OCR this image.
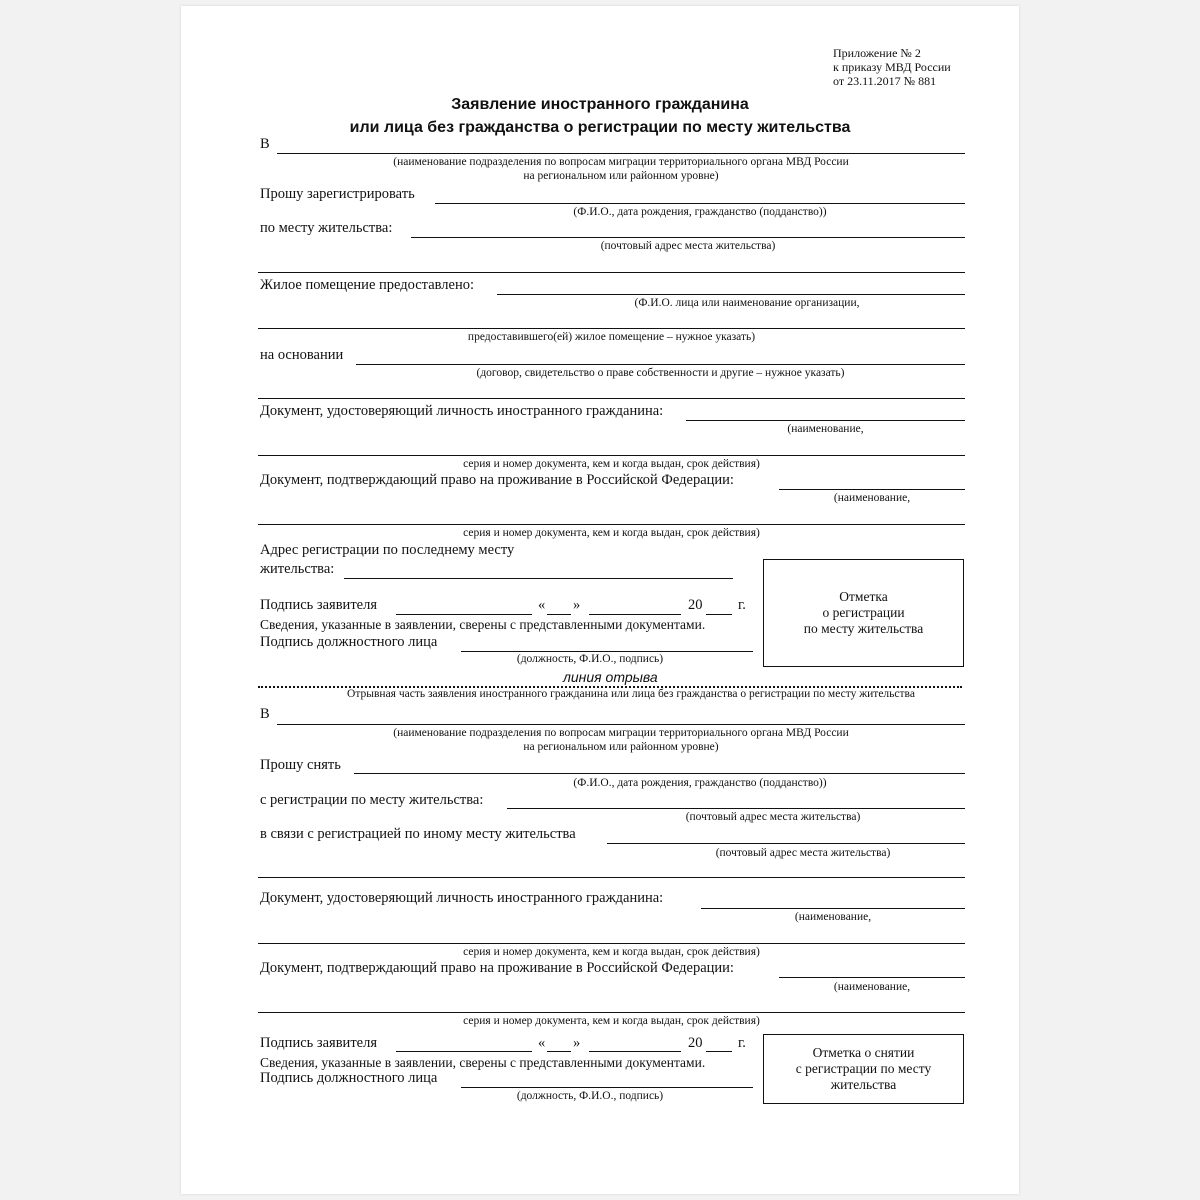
Приложение № 2
к приказу МВД России
от 23.11.2017 № 881
Заявление иностранного гражданина
или лица без гражданства о регистрации по месту жительства
В
(наименование подразделения по вопросам миграции территориального органа МВД России
на региональном или районном уровне)
Прошу зарегистрировать
(Ф.И.О., дата рождения, гражданство (подданство))
по месту жительства:
(почтовый адрес места жительства)
Жилое помещение предоставлено:
(Ф.И.О. лица или наименование организации,
предоставившего(ей) жилое помещение – нужное указать)
на основании
(договор, свидетельство о праве собственности и другие – нужное указать)
Документ, удостоверяющий личность иностранного гражданина:
(наименование,
серия и номер документа, кем и когда выдан, срок действия)
Документ, подтверждающий право на проживание в Российской Федерации:
(наименование,
серия и номер документа, кем и когда выдан, срок действия)
Адрес регистрации по последнему месту
жительства:
Подпись заявителя	« »	20 г.
Сведения, указанные в заявлении, сверены с представленными документами.
Подпись должностного лица
(должность, Ф.И.О., подпись)
Отметка
о регистрации
по месту жительства
линия отрыва
Отрывная часть заявления иностранного гражданина или лица без гражданства о регистрации по месту жительства
В
(наименование подразделения по вопросам миграции территориального органа МВД России
на региональном или районном уровне)
Прошу снять
(Ф.И.О., дата рождения, гражданство (подданство))
с регистрации по месту жительства:
(почтовый адрес места жительства)
в связи с регистрацией по иному месту жительства
(почтовый адрес места жительства)
Документ, удостоверяющий личность иностранного гражданина:
(наименование,
серия и номер документа, кем и когда выдан, срок действия)
Документ, подтверждающий право на проживание в Российской Федерации:
(наименование,
серия и номер документа, кем и когда выдан, срок действия)
Подпись заявителя	« »	20 г.
Сведения, указанные в заявлении, сверены с представленными документами.
Подпись должностного лица
(должность, Ф.И.О., подпись)
Отметка о снятии
с регистрации по месту
жительства
